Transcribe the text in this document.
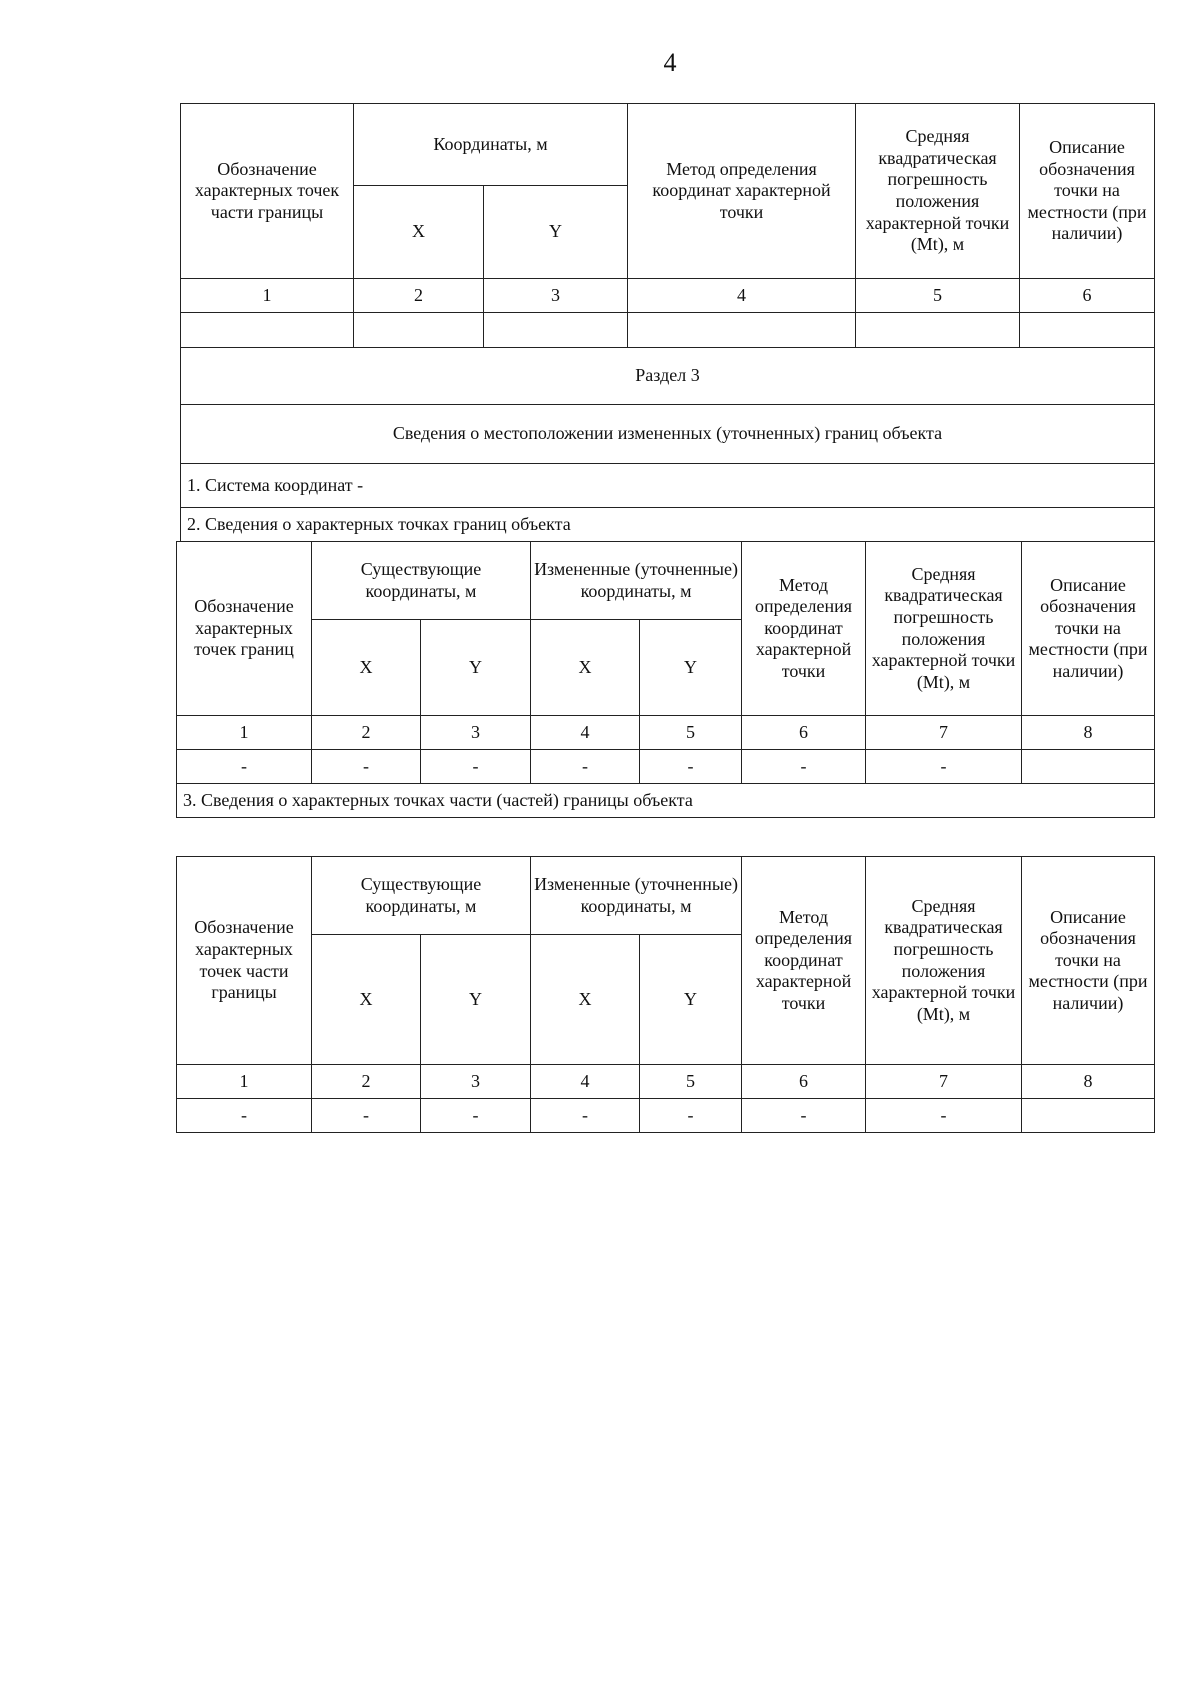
4
Обозначение характерных точек части границы	Координаты, м		Метод определения координат характерной точки	Средняя квадратическая погрешность положения характерной точки (Mt), м	Описание обозначения точки на местности (при наличии)
	X	Y			
1	2	3	4	5	6

Раздел 3					
Сведения о местоположении измененных (уточненных) границ объекта					
1. Система координат -					
2. Сведения о характерных точках границ объекта					
Обозначение характерных точек границ	Существующие координаты, м		Измененные (уточненные) координаты, м		Метод определения координат характерной точки	Средняя квадратическая погрешность положения характерной точки (Mt), м	Описание обозначения точки на местности (при наличии)
	X	Y	X	Y			
1	2	3	4	5	6	7	8
-	-	-	-	-	-	-	
3. Сведения о характерных точках части (частей) границы объекта							
Обозначение характерных точек части границы	Существующие координаты, м		Измененные (уточненные) координаты, м		Метод определения координат характерной точки	Средняя квадратическая погрешность положения характерной точки (Mt), м	Описание обозначения точки на местности (при наличии)
	X	Y	X	Y			
1	2	3	4	5	6	7	8
-	-	-	-	-	-	-	
